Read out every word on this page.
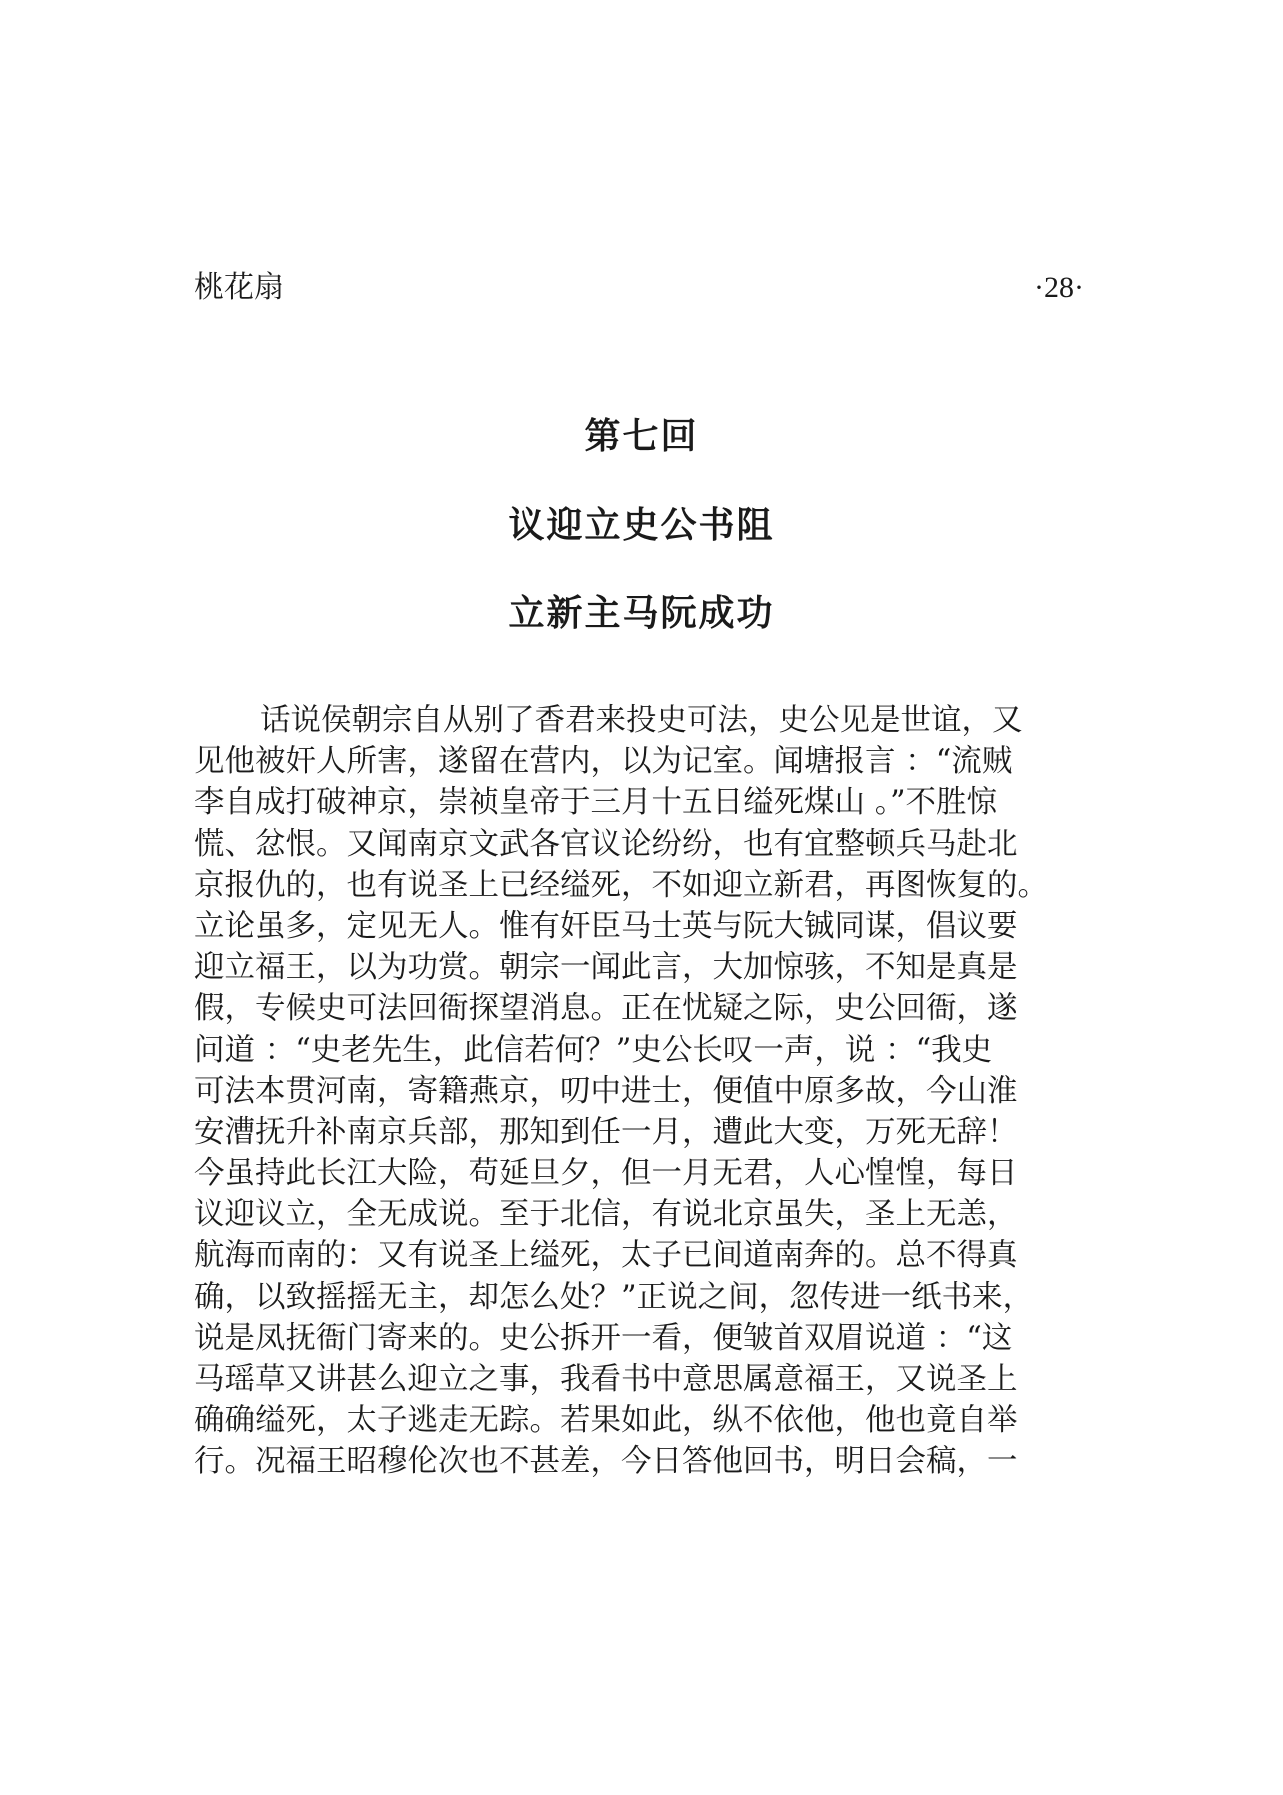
桃花扇	·28·
第七回
议迎立史公书阻
立新主马阮成功
话说侯朝宗自从别了香君来投史可法，史公见是世谊，又
见他被奸人所害，遂留在营内，以为记室。闻塘报言 ：“流贼
李自成打破神京，崇祯皇帝于三月十五日缢死煤山 。”不胜惊
慌、忿恨。又闻南京文武各官议论纷纷，也有宜整顿兵马赴北
京报仇的，也有说圣上已经缢死，不如迎立新君，再图恢复的。
立论虽多，定见无人。惟有奸臣马士英与阮大铖同谋，倡议要
迎立福王，以为功赏。朝宗一闻此言，大加惊骇，不知是真是
假，专候史可法回衙探望消息。正在忧疑之际，史公回衙，遂
问道 ：“史老先生，此信若何？”史公长叹一声，说 ：“我史
可法本贯河南，寄籍燕京，叨中进士，便值中原多故，今山淮
安漕抚升补南京兵部，那知到任一月，遭此大变，万死无辞！
今虽持此长江大险，苟延旦夕，但一月无君，人心惶惶，每日
议迎议立，全无成说。至于北信，有说北京虽失，圣上无恙，
航海而南的：又有说圣上缢死，太子已间道南奔的。总不得真
确，以致摇摇无主，却怎么处？”正说之间，忽传进一纸书来，
说是凤抚衙门寄来的。史公拆开一看，便皱首双眉说道 ：“这
马瑶草又讲甚么迎立之事，我看书中意思属意福王，又说圣上
确确缢死，太子逃走无踪。若果如此，纵不依他，他也竟自举
行。况福王昭穆伦次也不甚差，今日答他回书，明日会稿，一
